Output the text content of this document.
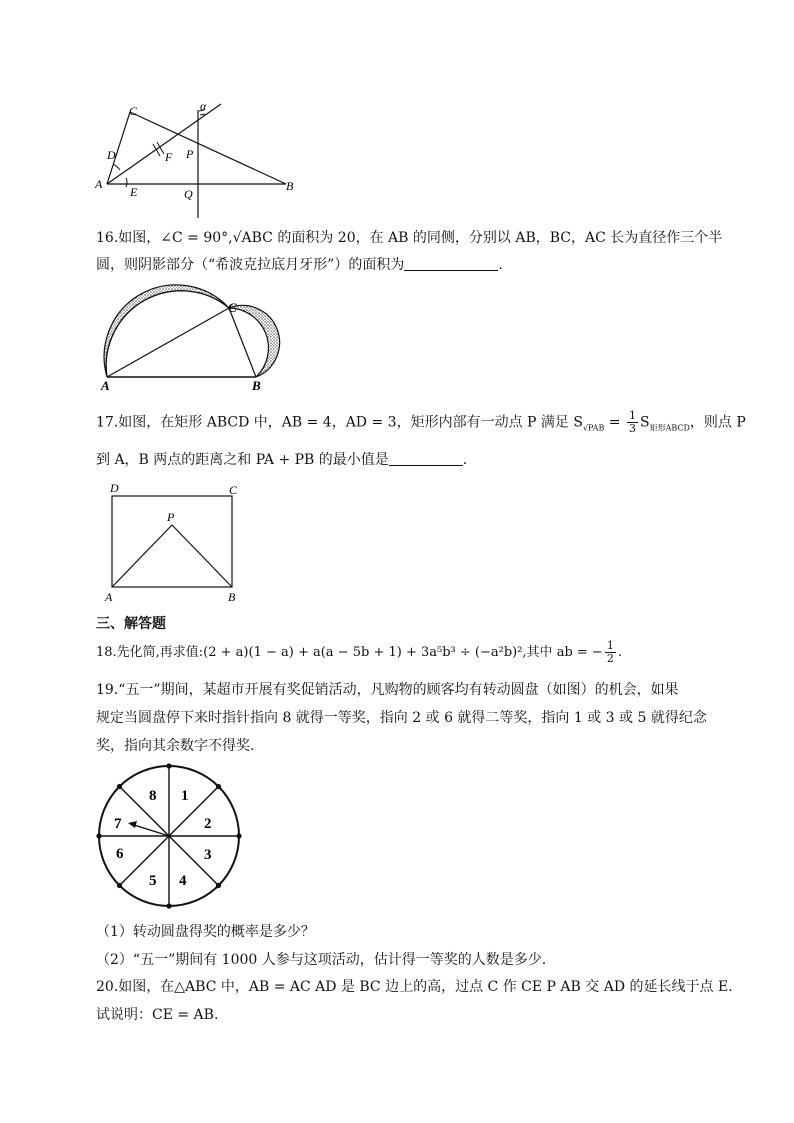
C	α
D	F P
A
E	Q
B
16.如图，∠C = 90°,√ABC 的面积为 20，在 AB 的同侧，分别以 AB，BC，AC 长为直径作三个半
圆，则阴影部分（“希波克拉底月牙形”）的面积为	.
C
A	B
17.如图，在矩形 ABCD 中，AB = 4，AD = 3，矩形内部有一动点 P 满足 $S_{√PAB} = \frac{1}{3} S_{矩形ABCD}$，则点 P
到 A，B 两点的距离之和 PA + PB 的最小值是	.
D	C
P
A	B
三、解答题
18.先化简,再求值:(2 + a)(1 − a) + a(a − 5b + 1) + 3a⁵b³ ÷ (−a²b)²,其中 ab = − $\frac{1}{2}$ .
19.“五一”期间，某超市开展有奖促销活动，凡购物的顾客均有转动圆盘（如图）的机会，如果
规定当圆盘停下来时指针指向 8 就得一等奖，指向 2 或 6 就得二等奖，指向 1 或 3 或 5 就得纪念
奖，指向其余数字不得奖.
1
2
3
4
5
6
7
8
（1）转动圆盘得奖的概率是多少？
（2）“五一”期间有 1000 人参与这项活动，估计得一等奖的人数是多少.
20.如图，在△ABC 中，AB = AC AD 是 BC 边上的高，过点 C 作 CE P AB 交 AD 的延长线于点 E.
试说明：CE = AB.
